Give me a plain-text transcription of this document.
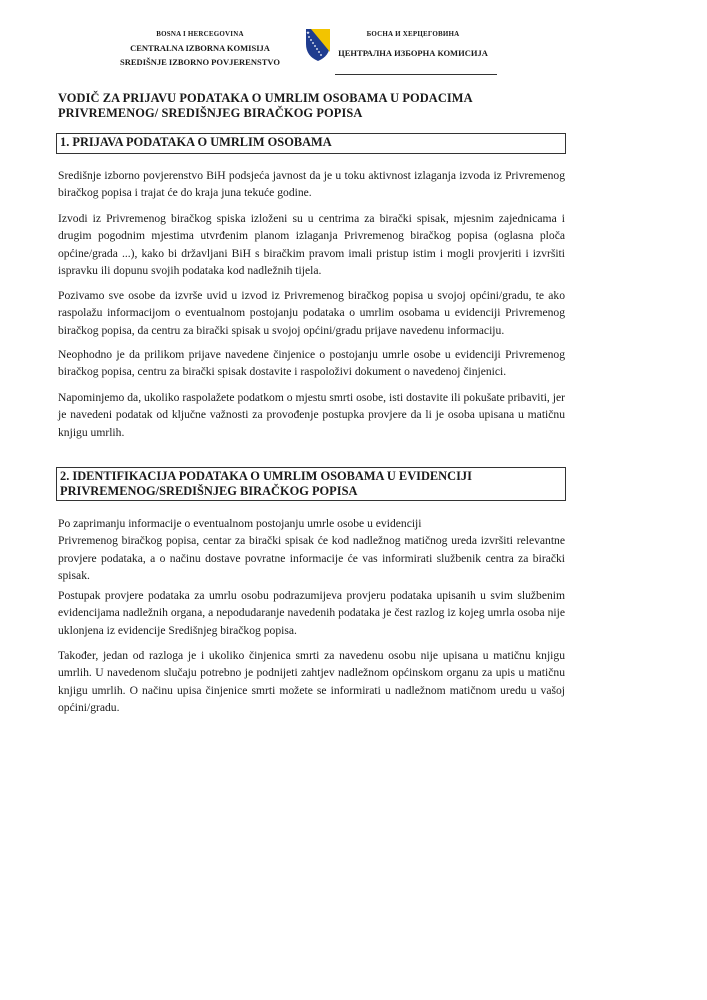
BOSNA I HERCEGOVINA
CENTRALNA IZBORNA KOMISIJA
SREDIŠNJE IZBORNO POVJERENSTVO
БОСНА И ХЕРЦЕГОВИНА
ЦЕНТРАЛНА ИЗБОРНА КОМИСИЈА
VODIČ ZA PRIJAVU PODATAKA O UMRLIM OSOBAMA U PODACIMA
PRIVREMENOG/ SREDIŠNJEG BIRAČKOG POPISA
1. PRIJAVA PODATAKA O UMRLIM OSOBAMA
Središnje izborno povjerenstvo BiH podsjeća javnost da je u toku aktivnost izlaganja izvoda iz Privremenog biračkog popisa i trajat će do kraja juna tekuće godine.
Izvodi iz Privremenog biračkog spiska izloženi su u centrima za birački spisak, mjesnim zajednicama i drugim pogodnim mjestima utvrđenim planom izlaganja Privremenog biračkog popisa (oglasna ploča općine/grada ...), kako bi državljani BiH s biračkim pravom imali pristup istim i mogli provjeriti i izvršiti ispravku ili dopunu svojih podataka kod nadležnih tijela.
Pozivamo sve osobe da izvrše uvid u izvod iz Privremenog biračkog popisa u svojoj općini/gradu, te ako raspolažu informacijom o eventualnom postojanju podataka o umrlim osobama u evidenciji Privremenog biračkog popisa, da centru za birački spisak u svojoj općini/gradu prijave navedenu informaciju.
Neophodno je da prilikom prijave navedene činjenice o postojanju umrle osobe u evidenciji Privremenog biračkog popisa, centru za birački spisak dostavite i raspoloživi dokument o navedenoj činjenici.
Napominjemo da, ukoliko raspolažete podatkom o mjestu smrti osobe, isti dostavite ili pokušate pribaviti, jer je navedeni podatak od ključne važnosti za provođenje postupka provjere da li je osoba upisana u matičnu knjigu umrlih.
2. IDENTIFIKACIJA PODATAKA O UMRLIM OSOBAMA U EVIDENCIJI
PRIVREMENOG/SREDIŠNJEG BIRAČKOG POPISA
Po zaprimanju informacije o eventualnom postojanju umrle osobe u evidenciji
Privremenog biračkog popisa, centar za birački spisak će kod nadležnog matičnog ureda izvršiti relevantne provjere podataka, a o načinu dostave povratne informacije će vas informirati službenik centra za birački spisak.
Postupak provjere podataka za umrlu osobu podrazumijeva provjeru podataka upisanih u svim službenim evidencijama nadležnih organa, a nepodudaranje navedenih podataka je čest razlog iz kojeg umrla osoba nije uklonjena iz evidencije Središnjeg biračkog popisa.
Također, jedan od razloga je i ukoliko činjenica smrti za navedenu osobu nije upisana u matičnu knjigu umrlih. U navedenom slučaju potrebno je podnijeti zahtjev nadležnom općinskom organu za upis u matičnu knjigu umrlih. O načinu upisa činjenice smrti možete se informirati u nadležnom matičnom uredu u vašoj općini/gradu.
